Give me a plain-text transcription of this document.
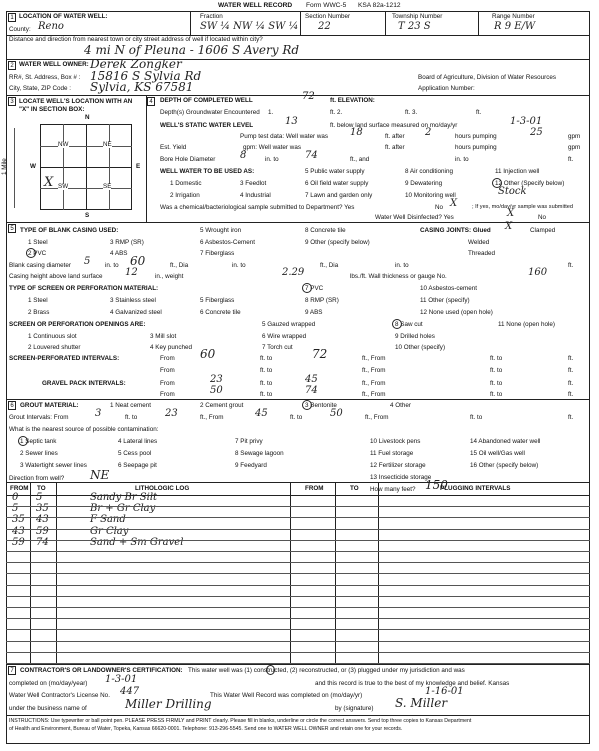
WATER WELL RECORD Form WWC-5 KSA 82a-1212
1 LOCATION OF WATER WELL:	Fraction	Section Number	Township Number	Range Number
County: Reno	SW ¼ NW ¼ SW ¼ 22	T 23 S	R 9 E/W
Distance and direction from nearest town or city street address of well if located within city?
4 mi N of Pleuna - 1606 S Avery Rd
2 WATER WELL OWNER: Derek Zongker
RR#, St. Address, Box # : 15816 S Sylvia Rd	Board of Agriculture, Division of Water Resources
City, State, ZIP Code : Sylvia, KS 67581	Application Number:
3 LOCATE WELL'S LOCATION WITH AN "X" IN SECTION BOX:
N
S
W	E
1 Mile
NW	NE
SW	SE
X
4	DEPTH OF COMPLETED WELL	72 ft. ELEVATION:
Depth(s) Groundwater Encountered 1.	ft. 2.	ft. 3.	ft.
WELL'S STATIC WATER LEVEL	13	ft. below land surface measured on mo/day/yr	1-3-01
Pump test data: Well water was 18	ft. after 2	hours pumping	25	gpm
Est. Yield	gpm: Well water was	ft. after	hours pumping	gpm
Bore Hole Diameter 8	in. to	74	ft., and	in. to	ft.
WELL WATER TO BE USED AS:	5 Public water supply	8 Air conditioning	11 Injection well
1 Domestic	3 Feedlot	6 Oil field water supply	9 Dewatering	12 Other (Specify below)
2 Irrigation	4 Industrial	7 Lawn and garden only	10 Monitoring well	Stock
Was a chemical/bacteriological sample submitted to Department? Yes	X
No	; If yes, mo/day/yr sample was submitted
Water Well Disinfected? Yes	X	No
5	TYPE OF BLANK CASING USED:
1 Steel	3 RMP (SR)
4 ABS
2 PVC
5 Wrought iron
6 Asbestos-Cement
7 Fiberglass
8 Concrete tile
9 Other (specify below)
CASING JOINTS: Glued X	Clamped
Welded
Threaded
Blank casing diameter 5 in. to 60	ft., Dia	in. to	ft., Dia	in. to	ft.
Casing height above land surface 12	in., weight	2.29	lbs./ft. Wall thickness or gauge No.	160
TYPE OF SCREEN OR PERFORATION MATERIAL:
1 Steel	3 Stainless steel	5 Fiberglass
7 PVC	10 Asbestos-cement
2 Brass	4 Galvanized steel	6 Concrete tile
8 RMP (SR)
9 ABS
11 Other (specify)
12 None used (open hole)
SCREEN OR PERFORATION OPENINGS ARE:	5 Gauzed wrapped	8 Saw cut	11 None (open hole)
1 Continuous slot	3 Mill slot	6 Wire wrapped	9 Drilled holes
2 Louvered shutter	4 Key punched	7 Torch cut	10 Other (specify)
SCREEN-PERFORATED INTERVALS:	From 60	ft. to	72	ft., From	ft. to	ft.
From	ft. to	ft., From	ft. to	ft.
GRAVEL PACK INTERVALS:	From	23	ft. to	45	ft., From	ft. to	ft.
From	50	ft. to	74	ft., From	ft. to	ft.
6	GROUT MATERIAL:	1 Neat cement	2 Cement grout	3 Bentonite	4 Other
Grout Intervals: From	3	ft. to	23	ft., From	45	ft. to	50	ft., From	ft. to	ft.
What is the nearest source of possible contamination:
1 Septic tank	4 Lateral lines	7 Pit privy	10 Livestock pens	14 Abandoned water well
2 Sewer lines	5 Cess pool	8 Sewage lagoon	11 Fuel storage	15 Oil well/Gas well
3 Watertight sewer lines	6 Seepage pit	9 Feedyard	12 Fertilizer storage	16 Other (specify below)
13 Insecticide storage
Direction from well? NE
How many feet? 150
FROM TO	LITHOLOGIC LOG	FROM	TO	PLUGGING INTERVALS
0 5	Sandy Br Silt
5 35	Br + Gr Clay
35 43	F Sand
43 59	Gr Clay
59 74	Sand + Sm Gravel
7	CONTRACTOR'S OR LANDOWNER'S CERTIFICATION: This water well was (1) constructed, (2) reconstructed, or (3) plugged under my jurisdiction and was
completed on (mo/day/year) 1-3-01	and this record is true to the best of my knowledge and belief. Kansas
Water Well Contractor's License No. 447	This Water Well Record was completed on (mo/day/yr)	1-16-01
under the business name of	Miller Drilling	by (signature) S. Miller
INSTRUCTIONS: Use typewriter or ball point pen. PLEASE PRESS FIRMLY and PRINT clearly. Please fill in blanks, underline or circle the correct answers. Send top three copies to Kansas Department
of Health and Environment, Bureau of Water, Topeka, Kansas 66620-0001. Telephone: 913-296-5545. Send one to WATER WELL OWNER and retain one for your records.
